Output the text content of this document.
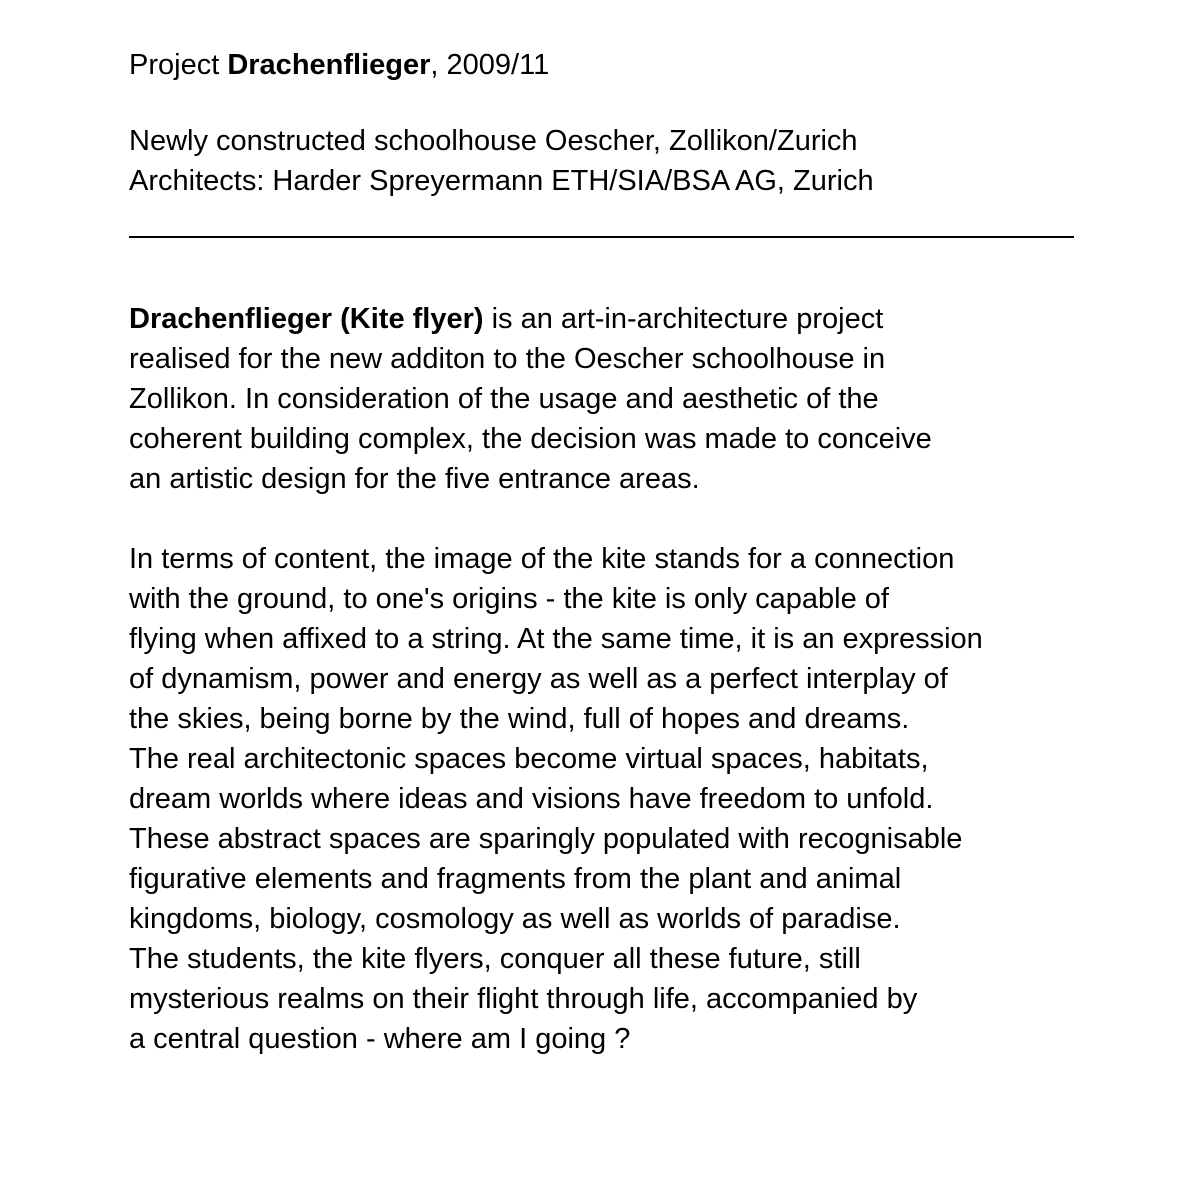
Project Drachenflieger, 2009/11
Newly constructed schoolhouse Oescher, Zollikon/Zurich
Architects: Harder Spreyermann ETH/SIA/BSA AG, Zurich
Drachenflieger (Kite flyer) is an art-in-architecture project
realised for the new additon to the Oescher schoolhouse in
Zollikon. In consideration of the usage and aesthetic of the
coherent building complex, the decision was made to conceive
an artistic design for the five entrance areas.
In terms of content, the image of the kite stands for a connection
with the ground, to one's origins - the kite is only capable of
flying when affixed to a string. At the same time, it is an expression
of dynamism, power and energy as well as a perfect interplay of
the skies, being borne by the wind, full of hopes and dreams.
The real architectonic spaces become virtual spaces, habitats,
dream worlds where ideas and visions have freedom to unfold.
These abstract spaces are sparingly populated with recognisable
figurative elements and fragments from the plant and animal
kingdoms, biology, cosmology as well as worlds of paradise.
The students, the kite flyers, conquer all these future, still
mysterious realms on their flight through life, accompanied by
a central question - where am I going ?
